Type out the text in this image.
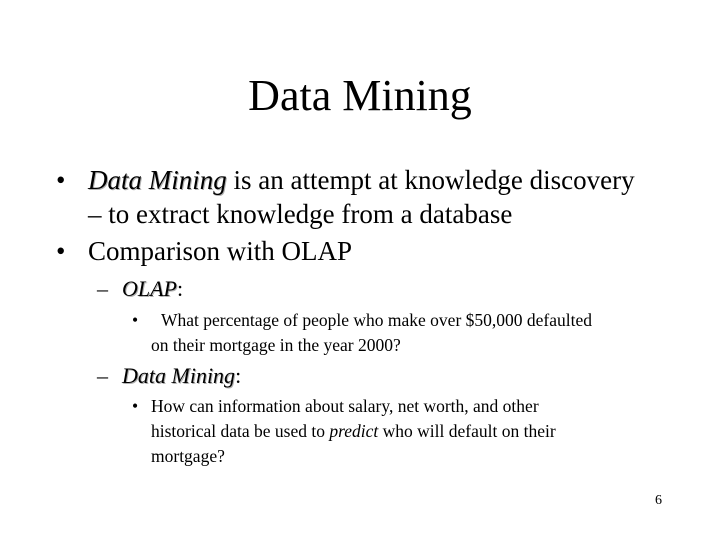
Data Mining
• Data Mining is an attempt at knowledge discovery
– to extract knowledge from a database
• Comparison with OLAP
– OLAP:
• What percentage of people who make over $50,000 defaulted
on their mortgage in the year 2000?
– Data Mining:
• How can information about salary, net worth, and other
historical data be used to predict who will default on their
mortgage?
6
